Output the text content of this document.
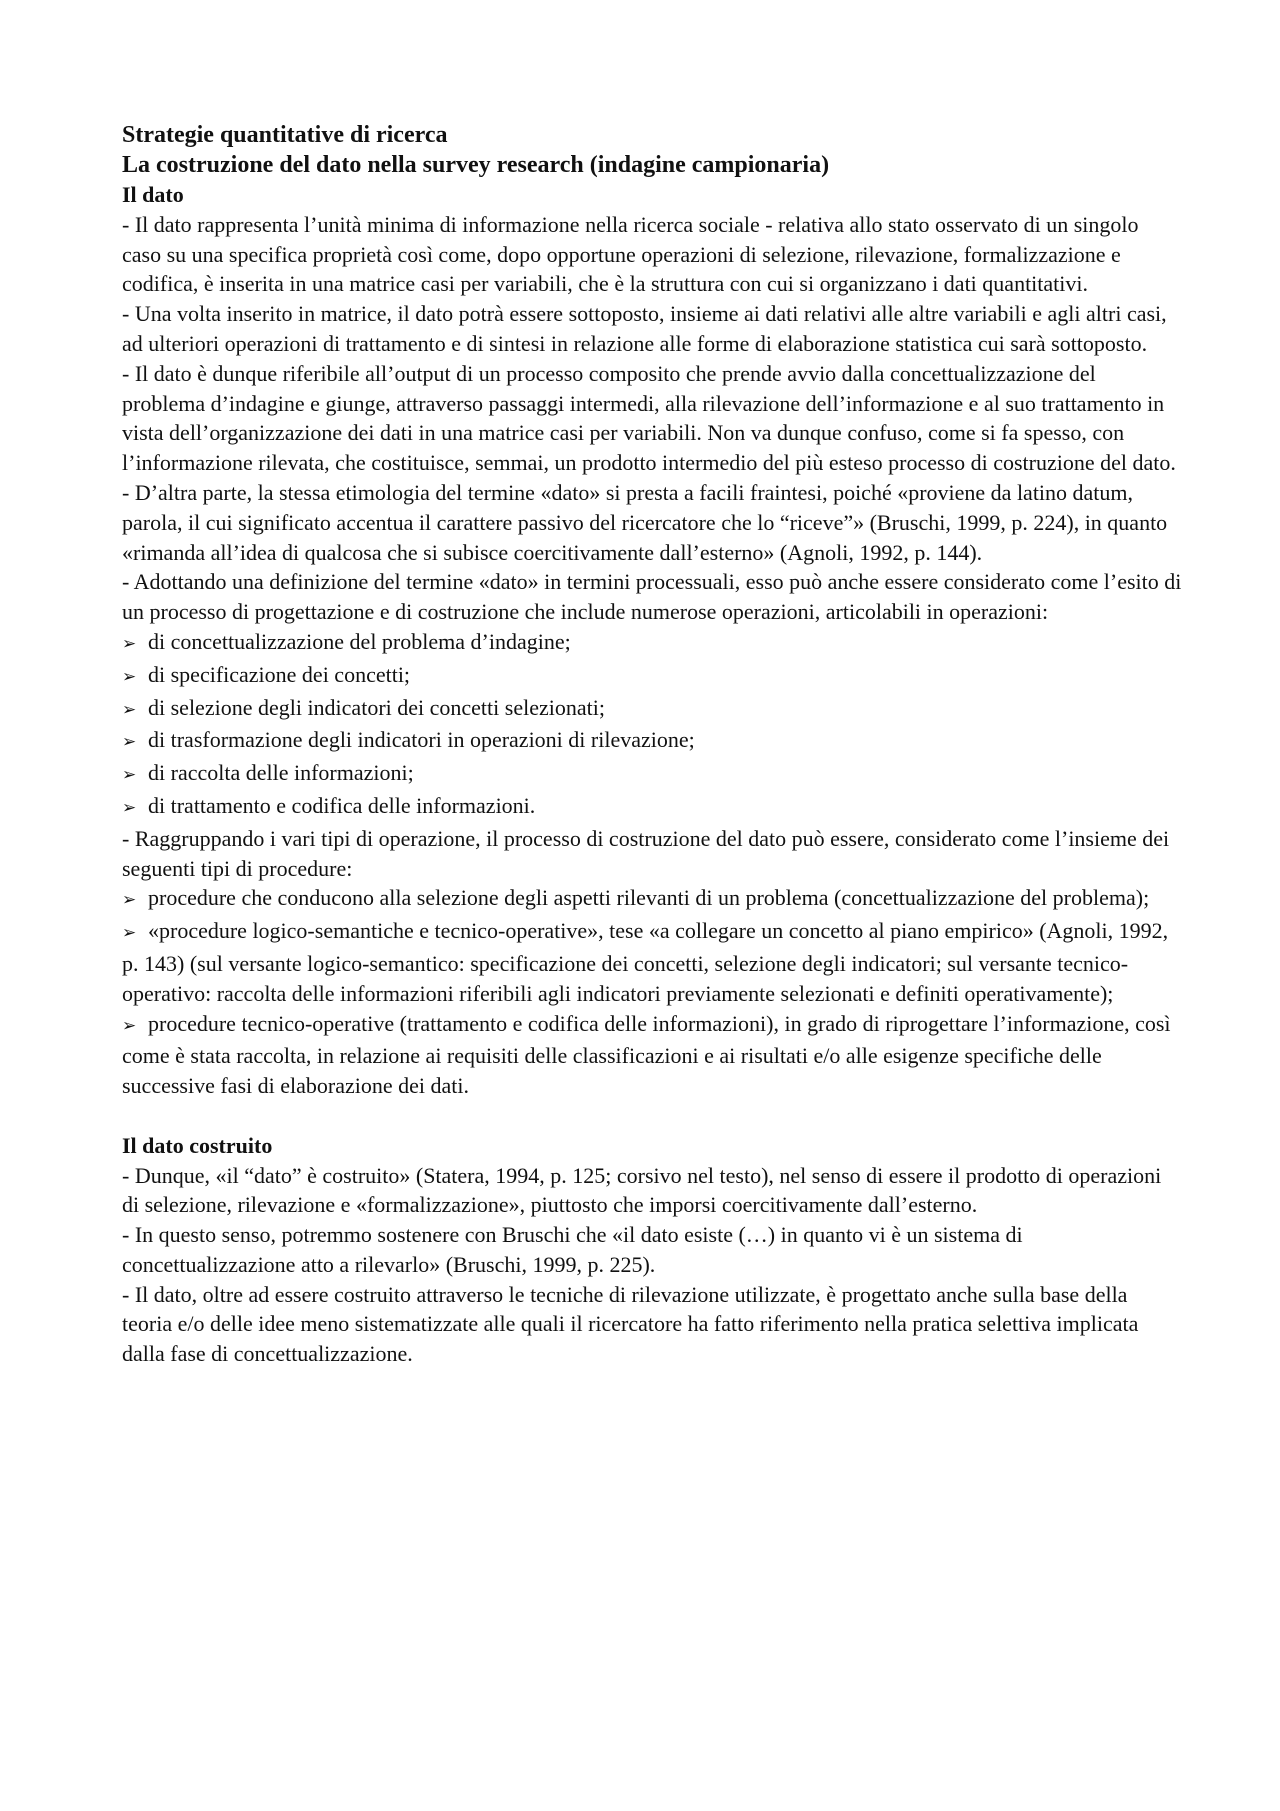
Strategie quantitative di ricerca
La costruzione del dato nella survey research (indagine campionaria)
Il dato

- Il dato rappresenta l’unità minima di informazione nella ricerca sociale - relativa allo stato osservato di un singolo caso su una specifica proprietà così come, dopo opportune operazioni di selezione, rilevazione, formalizzazione e codifica, è inserita in una matrice casi per variabili, che è la struttura con cui si organizzano i dati quantitativi.

- Una volta inserito in matrice, il dato potrà essere sottoposto, insieme ai dati relativi alle altre variabili e agli altri casi, ad ulteriori operazioni di trattamento e di sintesi in relazione alle forme di elaborazione statistica cui sarà sottoposto.

- Il dato è dunque riferibile all’output di un processo composito che prende avvio dalla concettualizzazione del problema d’indagine e giunge, attraverso passaggi intermedi, alla rilevazione dell’informazione e al suo trattamento in vista dell’organizzazione dei dati in una matrice casi per variabili. Non va dunque confuso, come si fa spesso, con l’informazione rilevata, che costituisce, semmai, un prodotto intermedio del più esteso processo di costruzione del dato.

- D’altra parte, la stessa etimologia del termine «dato» si presta a facili fraintesi, poiché «proviene da latino datum, parola, il cui significato accentua il carattere passivo del ricercatore che lo “riceve”» (Bruschi, 1999, p. 224), in quanto «rimanda all’idea di qualcosa che si subisce coercitivamente dall’esterno» (Agnoli, 1992, p. 144).

- Adottando una definizione del termine «dato» in termini processuali, esso può anche essere considerato come l’esito di un processo di progettazione e di costruzione che include numerose operazioni, articolabili in operazioni:

➢ di concettualizzazione del problema d’indagine;
➢ di specificazione dei concetti;
➢ di selezione degli indicatori dei concetti selezionati;
➢ di trasformazione degli indicatori in operazioni di rilevazione;
➢ di raccolta delle informazioni;
➢ di trattamento e codifica delle informazioni.

- Raggruppando i vari tipi di operazione, il processo di costruzione del dato può essere, considerato come l’insieme dei seguenti tipi di procedure:

➢ procedure che conducono alla selezione degli aspetti rilevanti di un problema (concettualizzazione del problema);
➢ «procedure logico-semantiche e tecnico-operative», tese «a collegare un concetto al piano empirico» (Agnoli, 1992, p. 143) (sul versante logico-semantico: specificazione dei concetti, selezione degli indicatori; sul versante tecnico-operativo: raccolta delle informazioni riferibili agli indicatori previamente selezionati e definiti operativamente);
➢ procedure tecnico-operative (trattamento e codifica delle informazioni), in grado di riprogettare l’informazione, così come è stata raccolta, in relazione ai requisiti delle classificazioni e ai risultati e/o alle esigenze specifiche delle successive fasi di elaborazione dei dati.
Il dato costruito

- Dunque, «il “dato” è costruito» (Statera, 1994, p. 125; corsivo nel testo), nel senso di essere il prodotto di operazioni di selezione, rilevazione e «formalizzazione», piuttosto che imporsi coercitivamente dall’esterno.

- In questo senso, potremmo sostenere con Bruschi che «il dato esiste (…) in quanto vi è un sistema di concettualizzazione atto a rilevarlo» (Bruschi, 1999, p. 225).

- Il dato, oltre ad essere costruito attraverso le tecniche di rilevazione utilizzate, è progettato anche sulla base della teoria e/o delle idee meno sistematizzate alle quali il ricercatore ha fatto riferimento nella pratica selettiva implicata dalla fase di concettualizzazione.
